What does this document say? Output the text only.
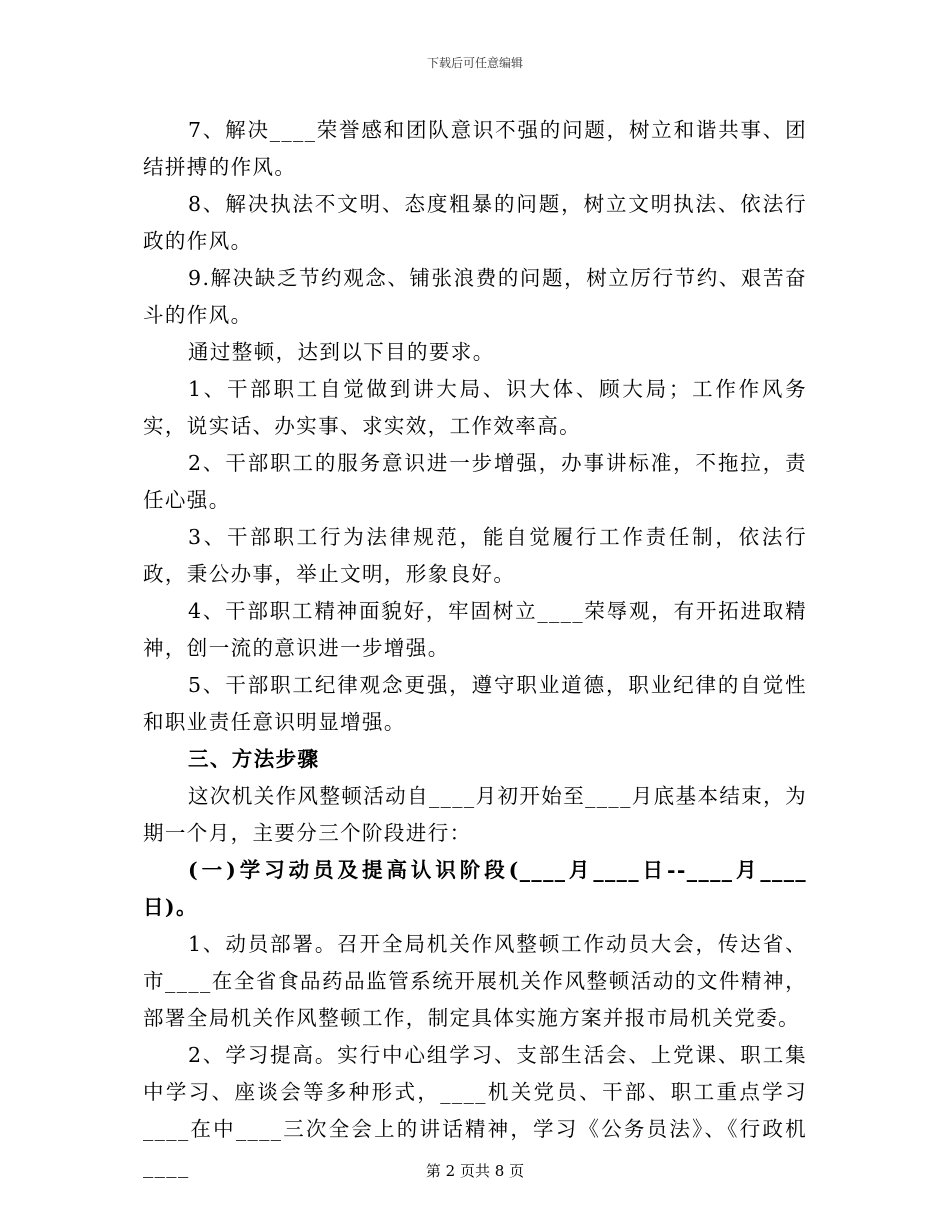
下载后可任意编辑

7、解决____荣誉感和团队意识不强的问题，树立和谐共事、团结拼搏的作风。

8、解决执法不文明、态度粗暴的问题，树立文明执法、依法行政的作风。

9.解决缺乏节约观念、铺张浪费的问题，树立厉行节约、艰苦奋斗的作风。

通过整顿，达到以下目的要求。

1、干部职工自觉做到讲大局、识大体、顾大局；工作作风务实，说实话、办实事、求实效，工作效率高。

2、干部职工的服务意识进一步增强，办事讲标准，不拖拉，责任心强。

3、干部职工行为法律规范，能自觉履行工作责任制，依法行政，秉公办事，举止文明，形象良好。

4、干部职工精神面貌好，牢固树立____荣辱观，有开拓进取精神，创一流的意识进一步增强。

5、干部职工纪律观念更强，遵守职业道德，职业纪律的自觉性和职业责任意识明显增强。

三、方法步骤

这次机关作风整顿活动自____月初开始至____月底基本结束，为期一个月，主要分三个阶段进行：

(一)学习动员及提高认识阶段(____月____日--____月____日)。

1、动员部署。召开全局机关作风整顿工作动员大会，传达省、市____在全省食品药品监管系统开展机关作风整顿活动的文件精神，部署全局机关作风整顿工作，制定具体实施方案并报市局机关党委。

2、学习提高。实行中心组学习、支部生活会、上党课、职工集中学习、座谈会等多种形式，____机关党员、干部、职工重点学习____在中____三次全会上的讲话精神，学习《公务员法》、《行政机____	第 2 页共 8 页
